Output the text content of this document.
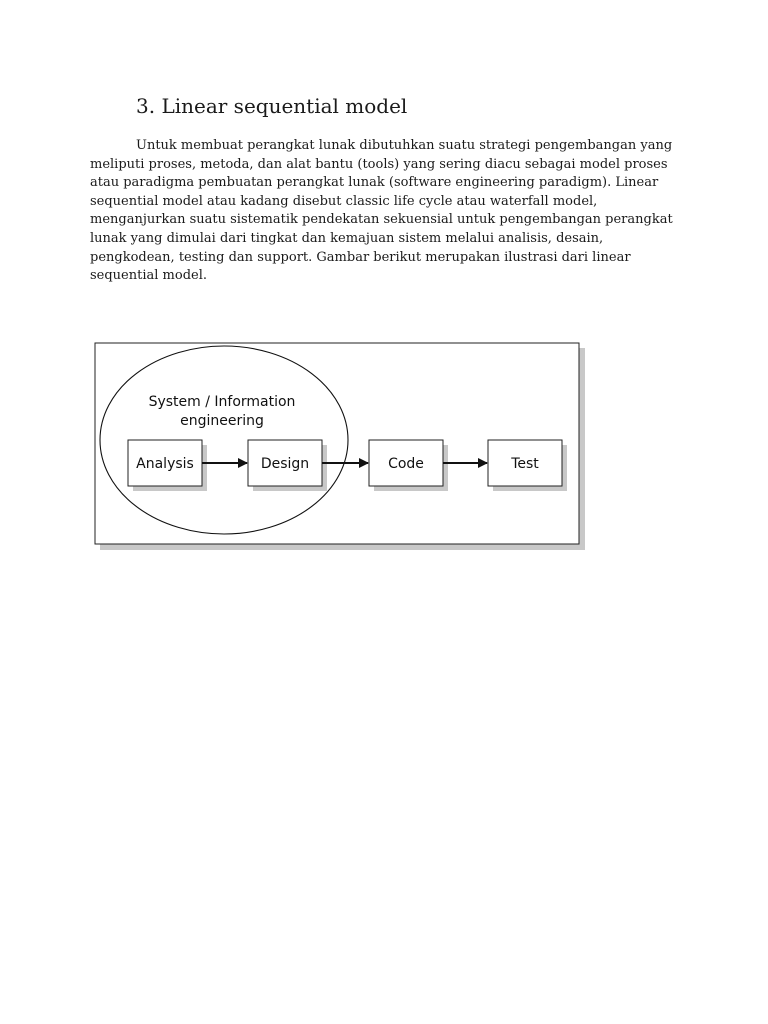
3. Linear sequential model
Untuk membuat perangkat lunak dibutuhkan suatu strategi pengembangan yang
meliputi proses, metoda, dan alat bantu (tools) yang sering diacu sebagai model proses
atau paradigma pembuatan perangkat lunak (software engineering paradigm). Linear
sequential model atau kadang disebut classic life cycle atau waterfall model,
menganjurkan suatu sistematik pendekatan sekuensial untuk pengembangan perangkat
lunak yang dimulai dari tingkat dan kemajuan sistem melalui analisis, desain,
pengkodean, testing dan support. Gambar berikut merupakan ilustrasi dari linear
sequential model.
System / Information
engineering
Analysis	Design	Code	Test
